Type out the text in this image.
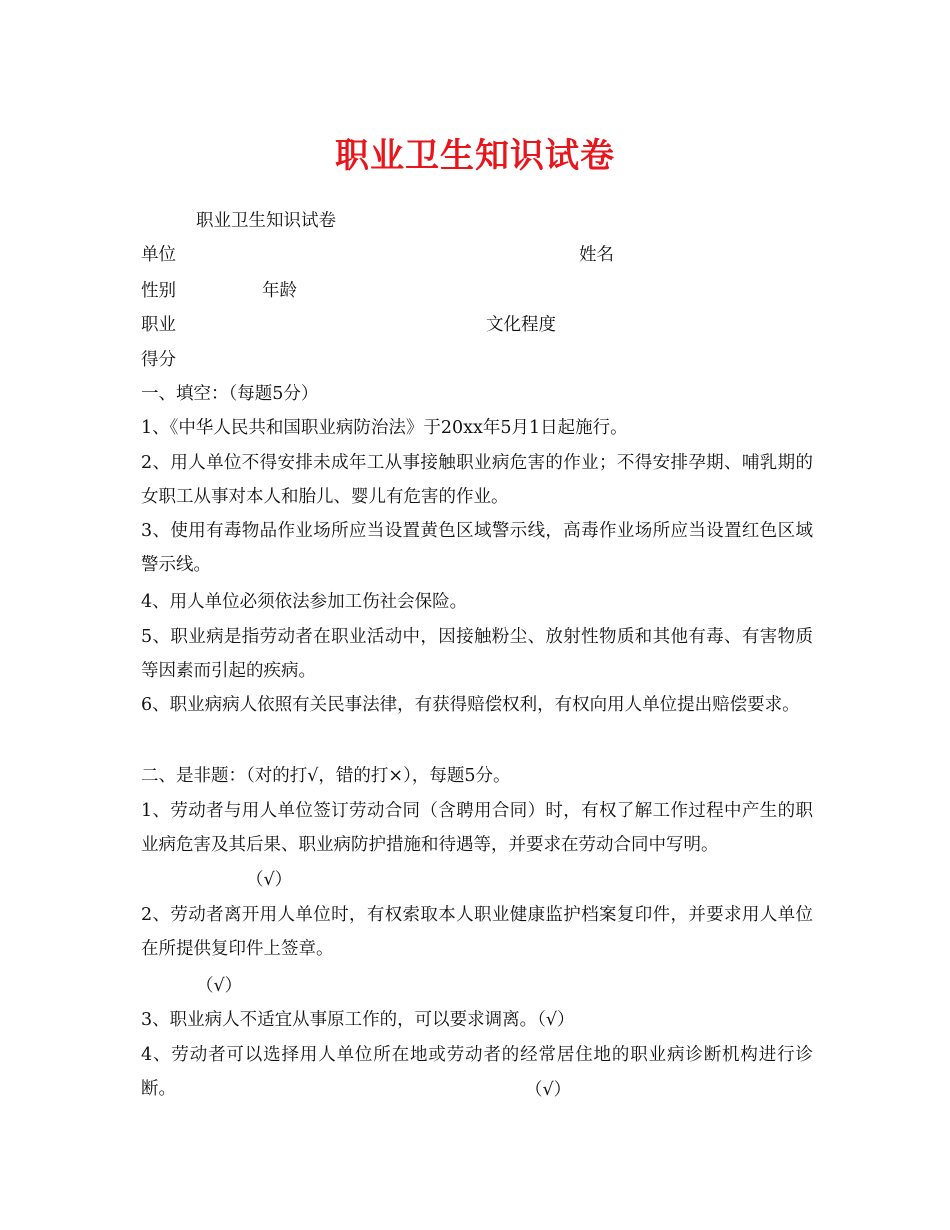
职业卫生知识试卷
职业卫生知识试卷
单位	姓名
性别	年龄
职业	文化程度
得分
一、填空：（每题5分）
1、《中华人民共和国职业病防治法》于20xx年5月1日起施行。
2、用人单位不得安排未成年工从事接触职业病危害的作业；不得安排孕期、哺乳期的女职工从事对本人和胎儿、婴儿有危害的作业。
3、使用有毒物品作业场所应当设置黄色区域警示线，高毒作业场所应当设置红色区域警示线。
4、用人单位必须依法参加工伤社会保险。
5、职业病是指劳动者在职业活动中，因接触粉尘、放射性物质和其他有毒、有害物质等因素而引起的疾病。
6、职业病病人依照有关民事法律，有获得赔偿权利，有权向用人单位提出赔偿要求。
二、是非题：（对的打√，错的打×），每题5分。
1、劳动者与用人单位签订劳动合同（含聘用合同）时，有权了解工作过程中产生的职业病危害及其后果、职业病防护措施和待遇等，并要求在劳动合同中写明。
（√）
2、劳动者离开用人单位时，有权索取本人职业健康监护档案复印件，并要求用人单位在所提供复印件上签章。
（√）
3、职业病人不适宜从事原工作的，可以要求调离。（√）
4、劳动者可以选择用人单位所在地或劳动者的经常居住地的职业病诊断机构进行诊断。	（√）
